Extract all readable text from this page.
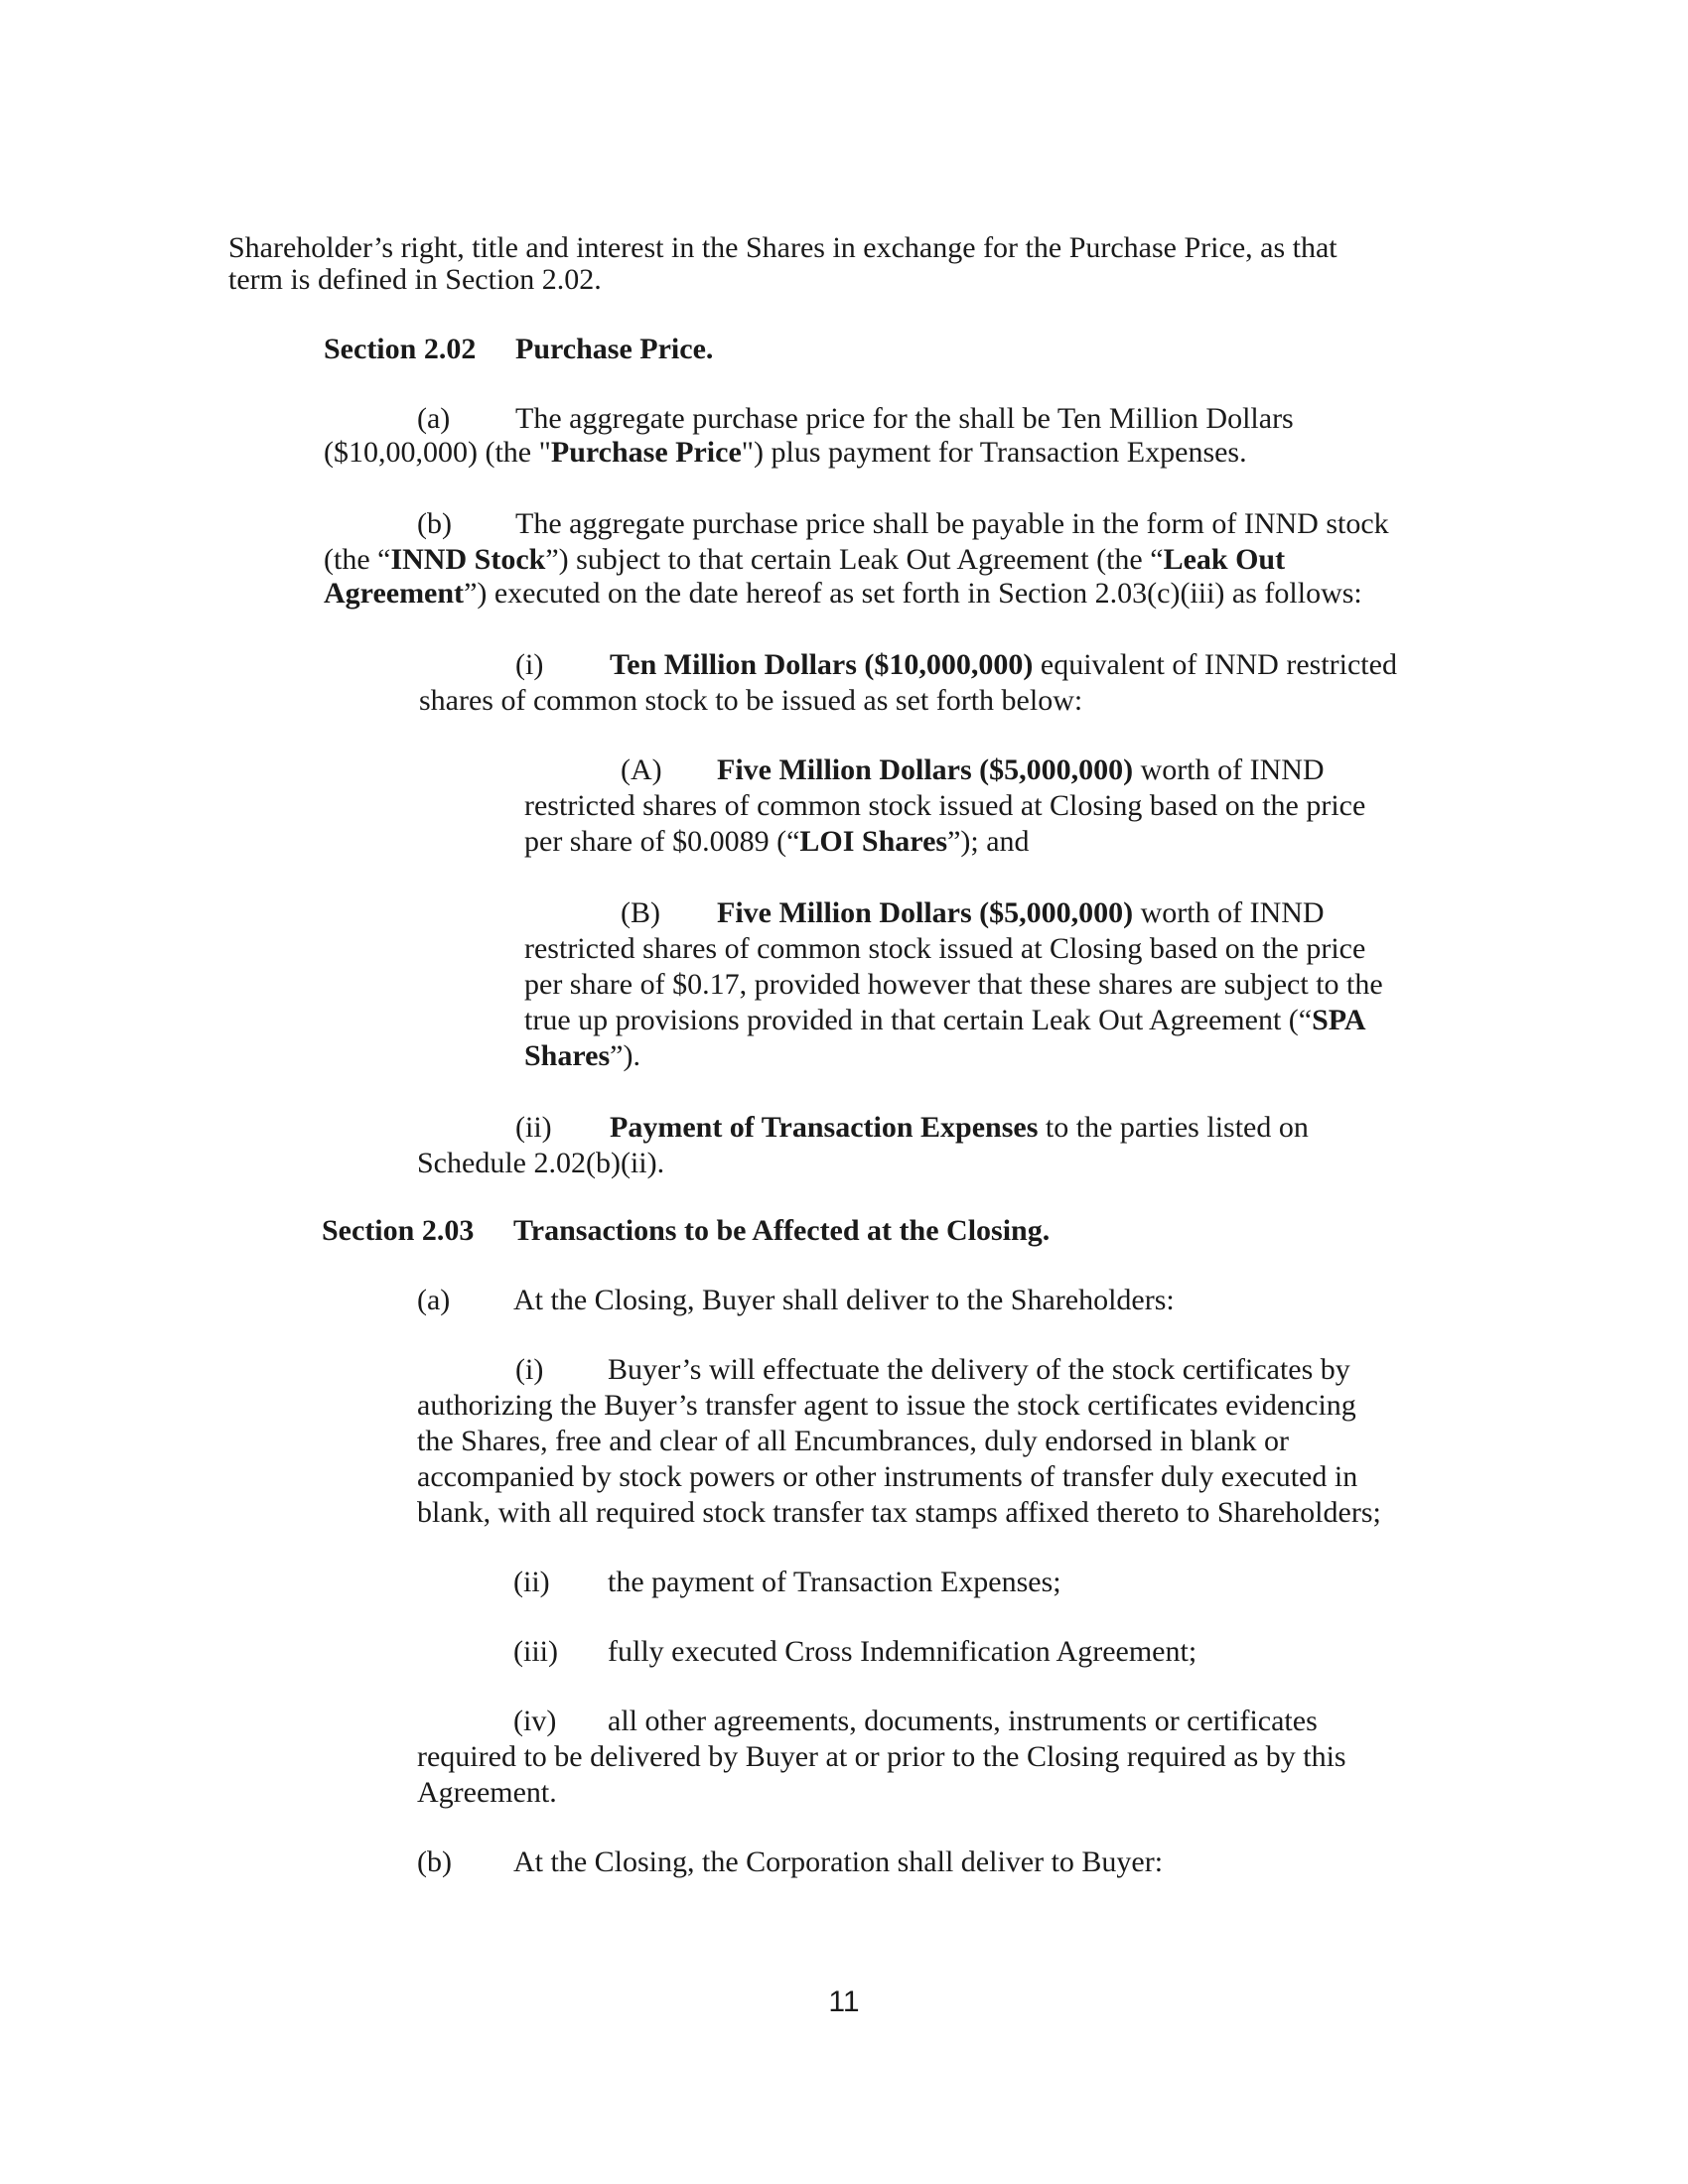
Shareholder’s right, title and interest in the Shares in exchange for the Purchase Price, as that

term is defined in Section 2.02.

Section 2.02 Purchase Price.

(a) The aggregate purchase price for the shall be Ten Million Dollars

($10,00,000) (the "Purchase Price") plus payment for Transaction Expenses.

(b) The aggregate purchase price shall be payable in the form of INND stock

(the “INND Stock”) subject to that certain Leak Out Agreement (the “Leak Out

Agreement”) executed on the date hereof as set forth in Section 2.03(c)(iii) as follows:

(i) Ten Million Dollars ($10,000,000) equivalent of INND restricted

shares of common stock to be issued as set forth below:

(A) Five Million Dollars ($5,000,000) worth of INND

restricted shares of common stock issued at Closing based on the price

per share of $0.0089 (“LOI Shares”); and

(B) Five Million Dollars ($5,000,000) worth of INND

restricted shares of common stock issued at Closing based on the price

per share of $0.17, provided however that these shares are subject to the

true up provisions provided in that certain Leak Out Agreement (“SPA

Shares”).

(ii) Payment of Transaction Expenses to the parties listed on

Schedule 2.02(b)(ii).

Section 2.03 Transactions to be Affected at the Closing.

(a) At the Closing, Buyer shall deliver to the Shareholders:

(i) Buyer’s will effectuate the delivery of the stock certificates by

authorizing the Buyer’s transfer agent to issue the stock certificates evidencing

the Shares, free and clear of all Encumbrances, duly endorsed in blank or

accompanied by stock powers or other instruments of transfer duly executed in

blank, with all required stock transfer tax stamps affixed thereto to Shareholders;

(ii) the payment of Transaction Expenses;

(iii) fully executed Cross Indemnification Agreement;

(iv) all other agreements, documents, instruments or certificates

required to be delivered by Buyer at or prior to the Closing required as by this

Agreement.

(b) At the Closing, the Corporation shall deliver to Buyer:

11
